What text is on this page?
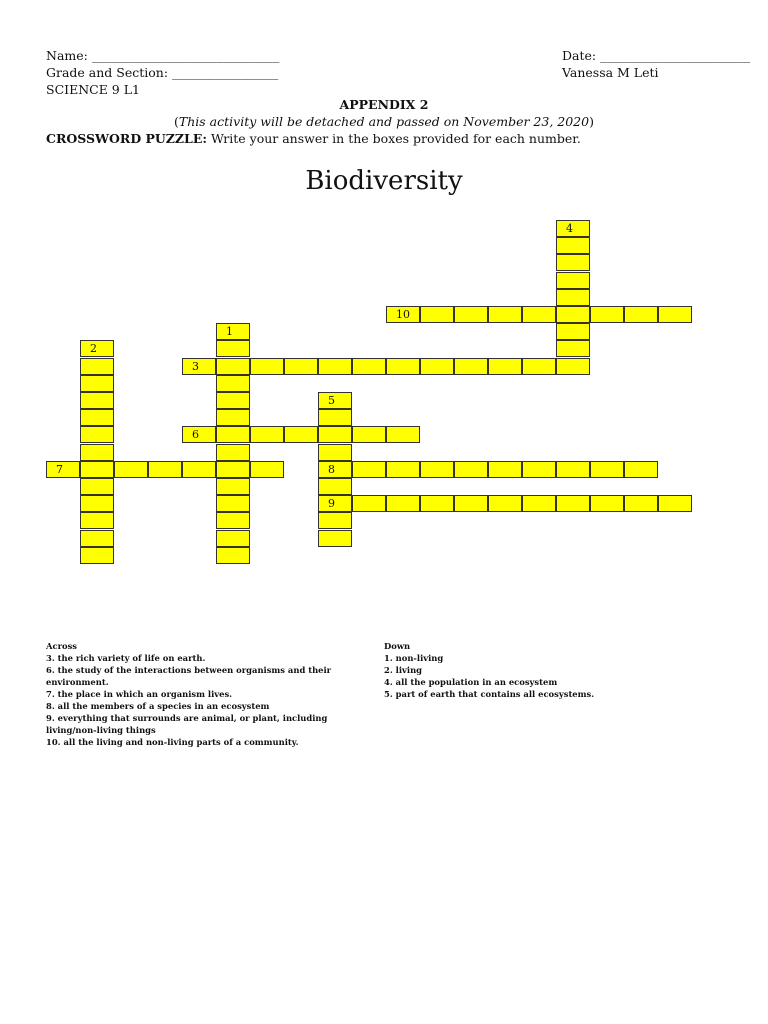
Name: ______________________________
Grade and Section: _________________
SCIENCE 9 L1
Date: ________________________
Vanessa M Leti
APPENDIX 2
(This activity will be detached and passed on November 23, 2020)
CROSSWORD PUZZLE: Write your answer in the boxes provided for each number.
Biodiversity
1
2
3
4
5
8
9
6
7
10
Across
3. the rich variety of life on earth.
6. the study of the interactions between organisms and their environment.
7. the place in which an organism lives.
8. all the members of a species in an ecosystem
9. everything that surrounds are animal, or plant, including living/non-living things
10. all the living and non-living parts of a community.
Down
1. non-living
2. living
4. all the population in an ecosystem
5. part of earth that contains all ecosystems.
